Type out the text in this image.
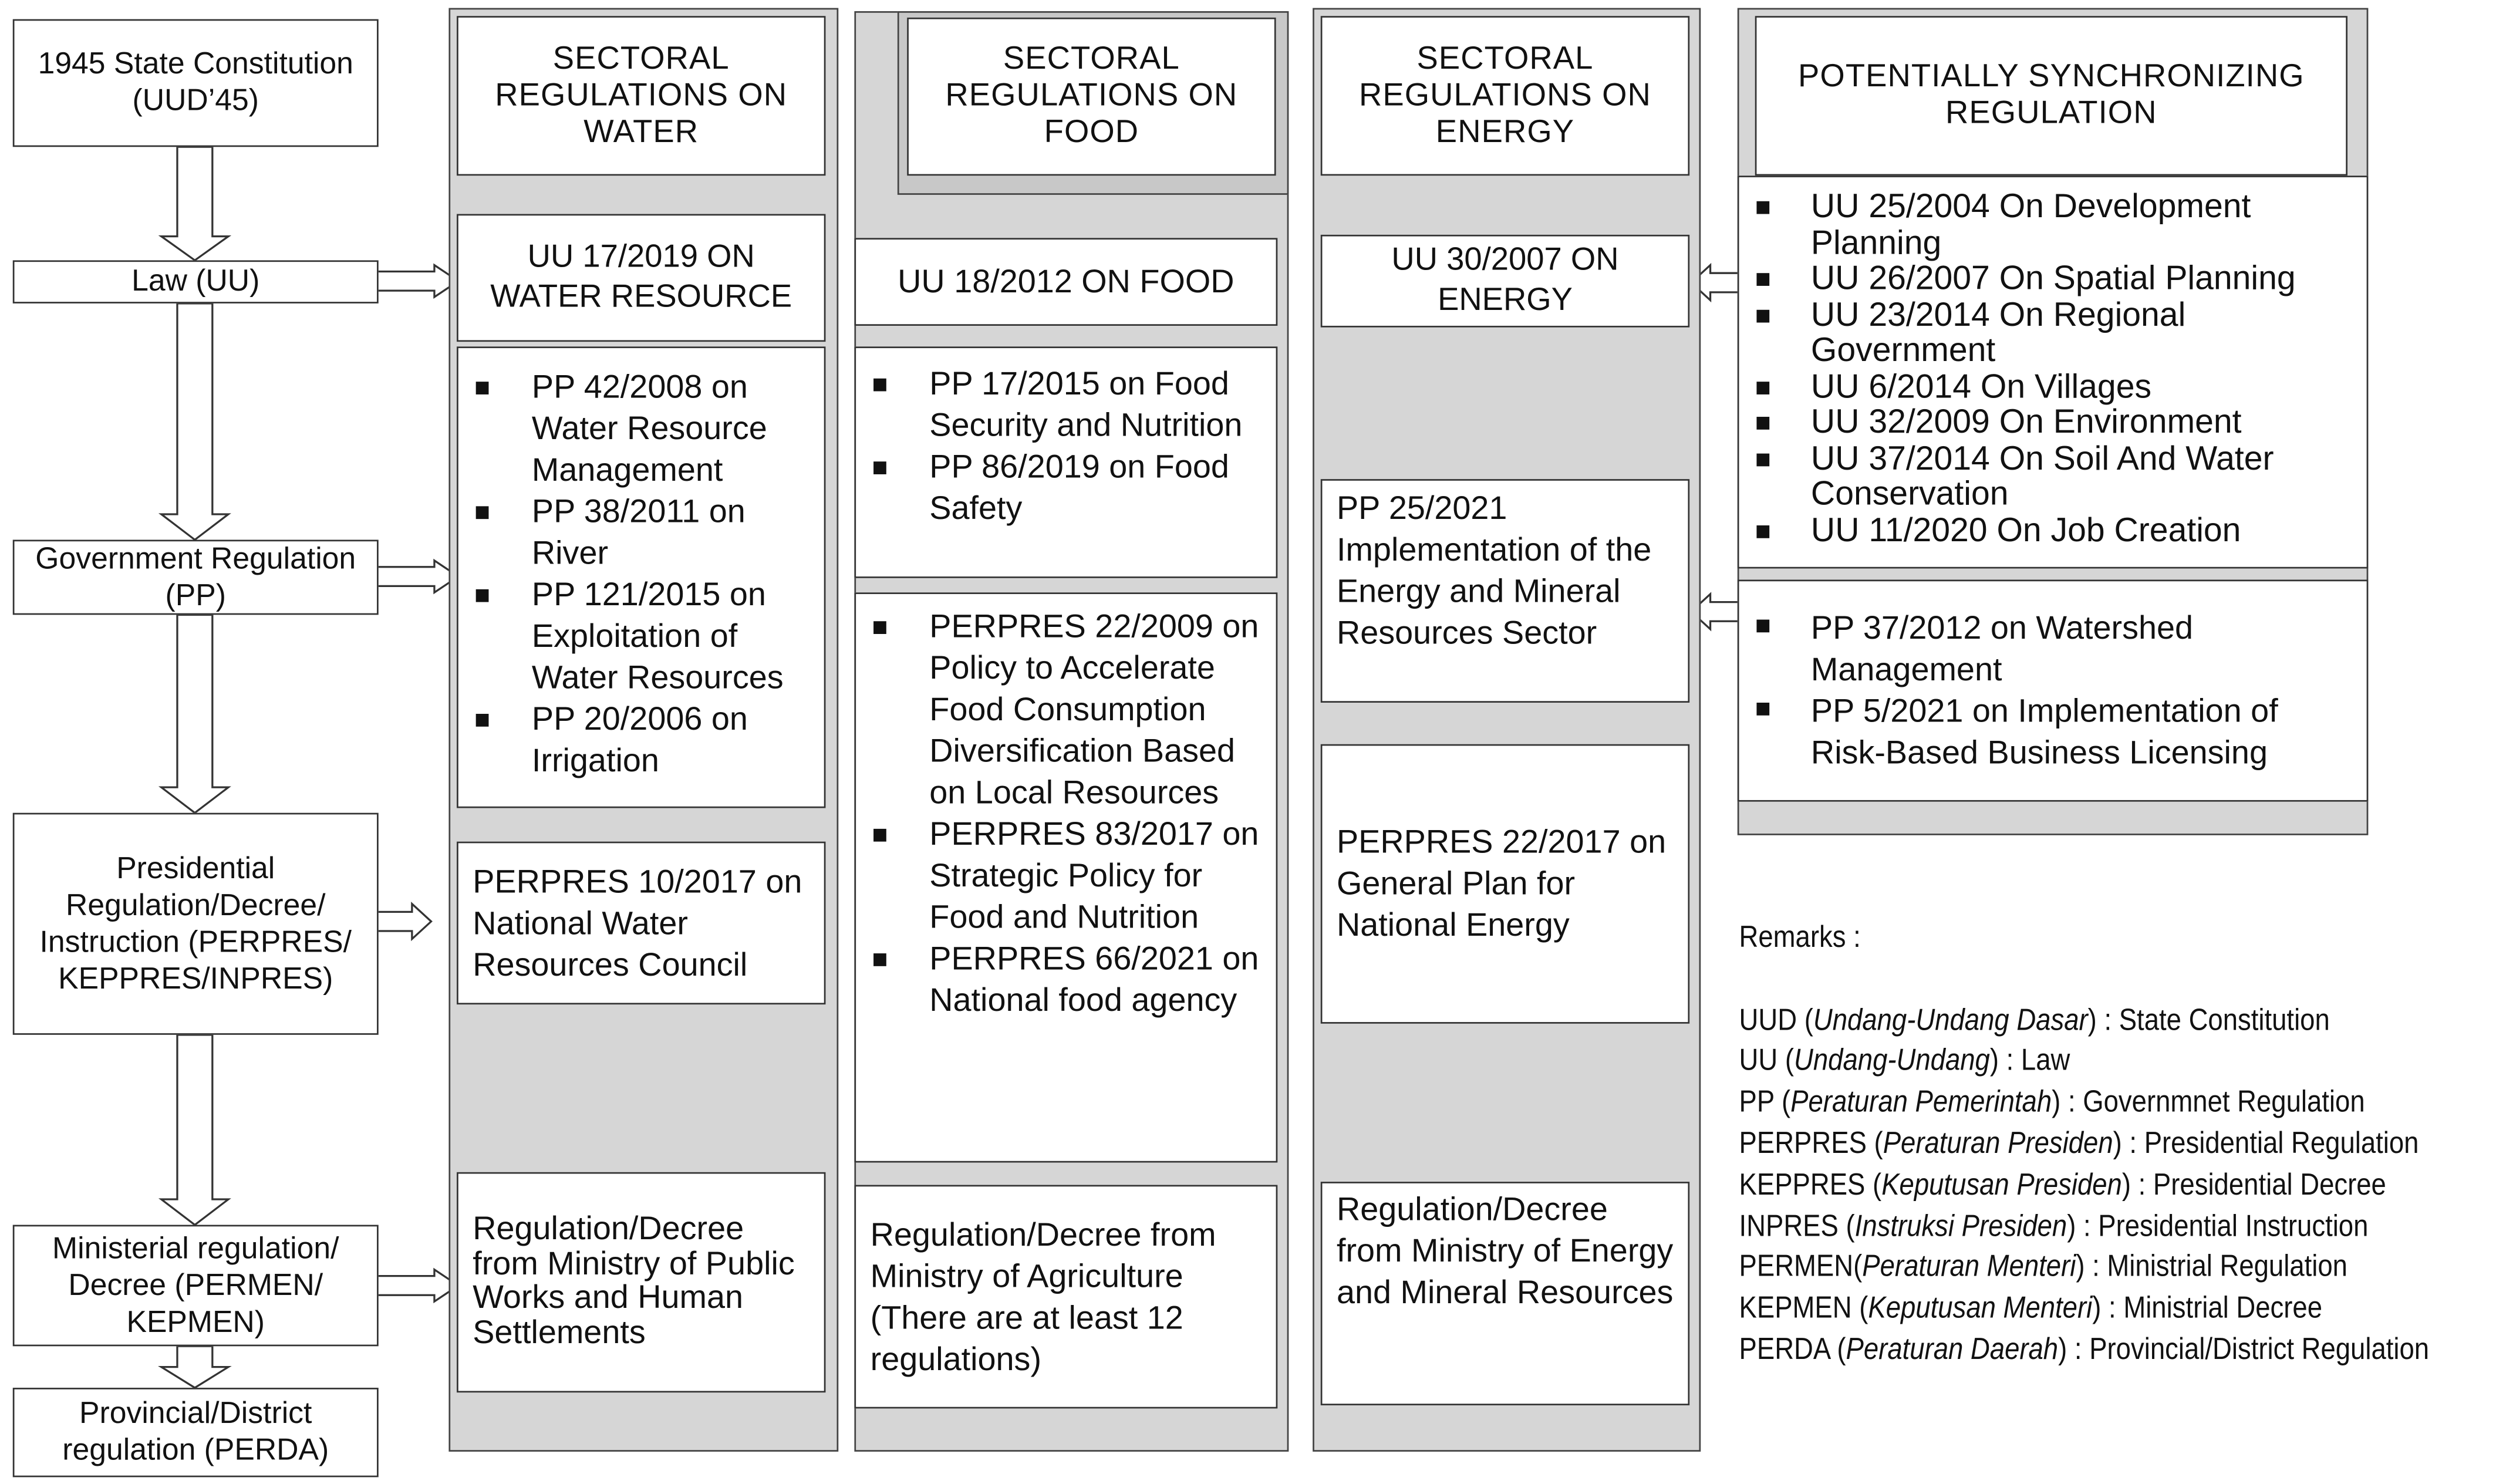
1945 State Constitution (UUD’45)
Law (UU)
Government Regulation (PP)
Presidential Regulation/Decree/ Instruction (PERPRES/ KEPPRES/INPRES)
Ministerial regulation/ Decree (PERMEN/ KEPMEN)
Provincial/District regulation (PERDA)
SECTORAL REGULATIONS ON WATER
UU 17/2019 ON WATER RESOURCE
PP 42/2008 on Water Resource Management
PP 38/2011 on River
PP 121/2015 on Exploitation of Water Resources
PP 20/2006 on Irrigation
PERPRES 10/2017 on National Water Resources Council
Regulation/Decree from Ministry of Public Works and Human Settlements
SECTORAL REGULATIONS ON FOOD
UU 18/2012 ON FOOD
PP 17/2015 on Food Security and Nutrition
PP 86/2019 on Food Safety
PERPRES 22/2009 on Policy to Accelerate Food Consumption Diversification Based on Local Resources
PERPRES 83/2017 on Strategic Policy for Food and Nutrition
PERPRES 66/2021 on National food agency
Regulation/Decree from Ministry of Agriculture (There are at least 12 regulations)
SECTORAL REGULATIONS ON ENERGY
UU 30/2007 ON ENERGY
PP 25/2021 Implementation of the Energy and Mineral Resources Sector
PERPRES 22/2017 on General Plan for National Energy
Regulation/Decree from Ministry of Energy and Mineral Resources
POTENTIALLY SYNCHRONIZING REGULATION
UU 25/2004 On Development Planning
UU 26/2007 On Spatial Planning
UU 23/2014 On Regional Government
UU 6/2014 On Villages
UU 32/2009 On Environment
UU 37/2014 On Soil And Water Conservation
UU 11/2020 On Job Creation
PP 37/2012 on Watershed Management
PP 5/2021 on Implementation of Risk-Based Business Licensing
Remarks :
UUD (Undang-Undang Dasar) : State Constitution
UU (Undang-Undang) : Law
PP (Peraturan Pemerintah) : Governmnet Regulation
PERPRES (Peraturan Presiden) : Presidential Regulation
KEPPRES (Keputusan Presiden) : Presidential Decree
INPRES (Instruksi Presiden) : Presidential Instruction
PERMEN(Peraturan Menteri) : Ministrial Regulation
KEPMEN (Keputusan Menteri) : Ministrial Decree
PERDA (Peraturan Daerah) : Provincial/District Regulation
